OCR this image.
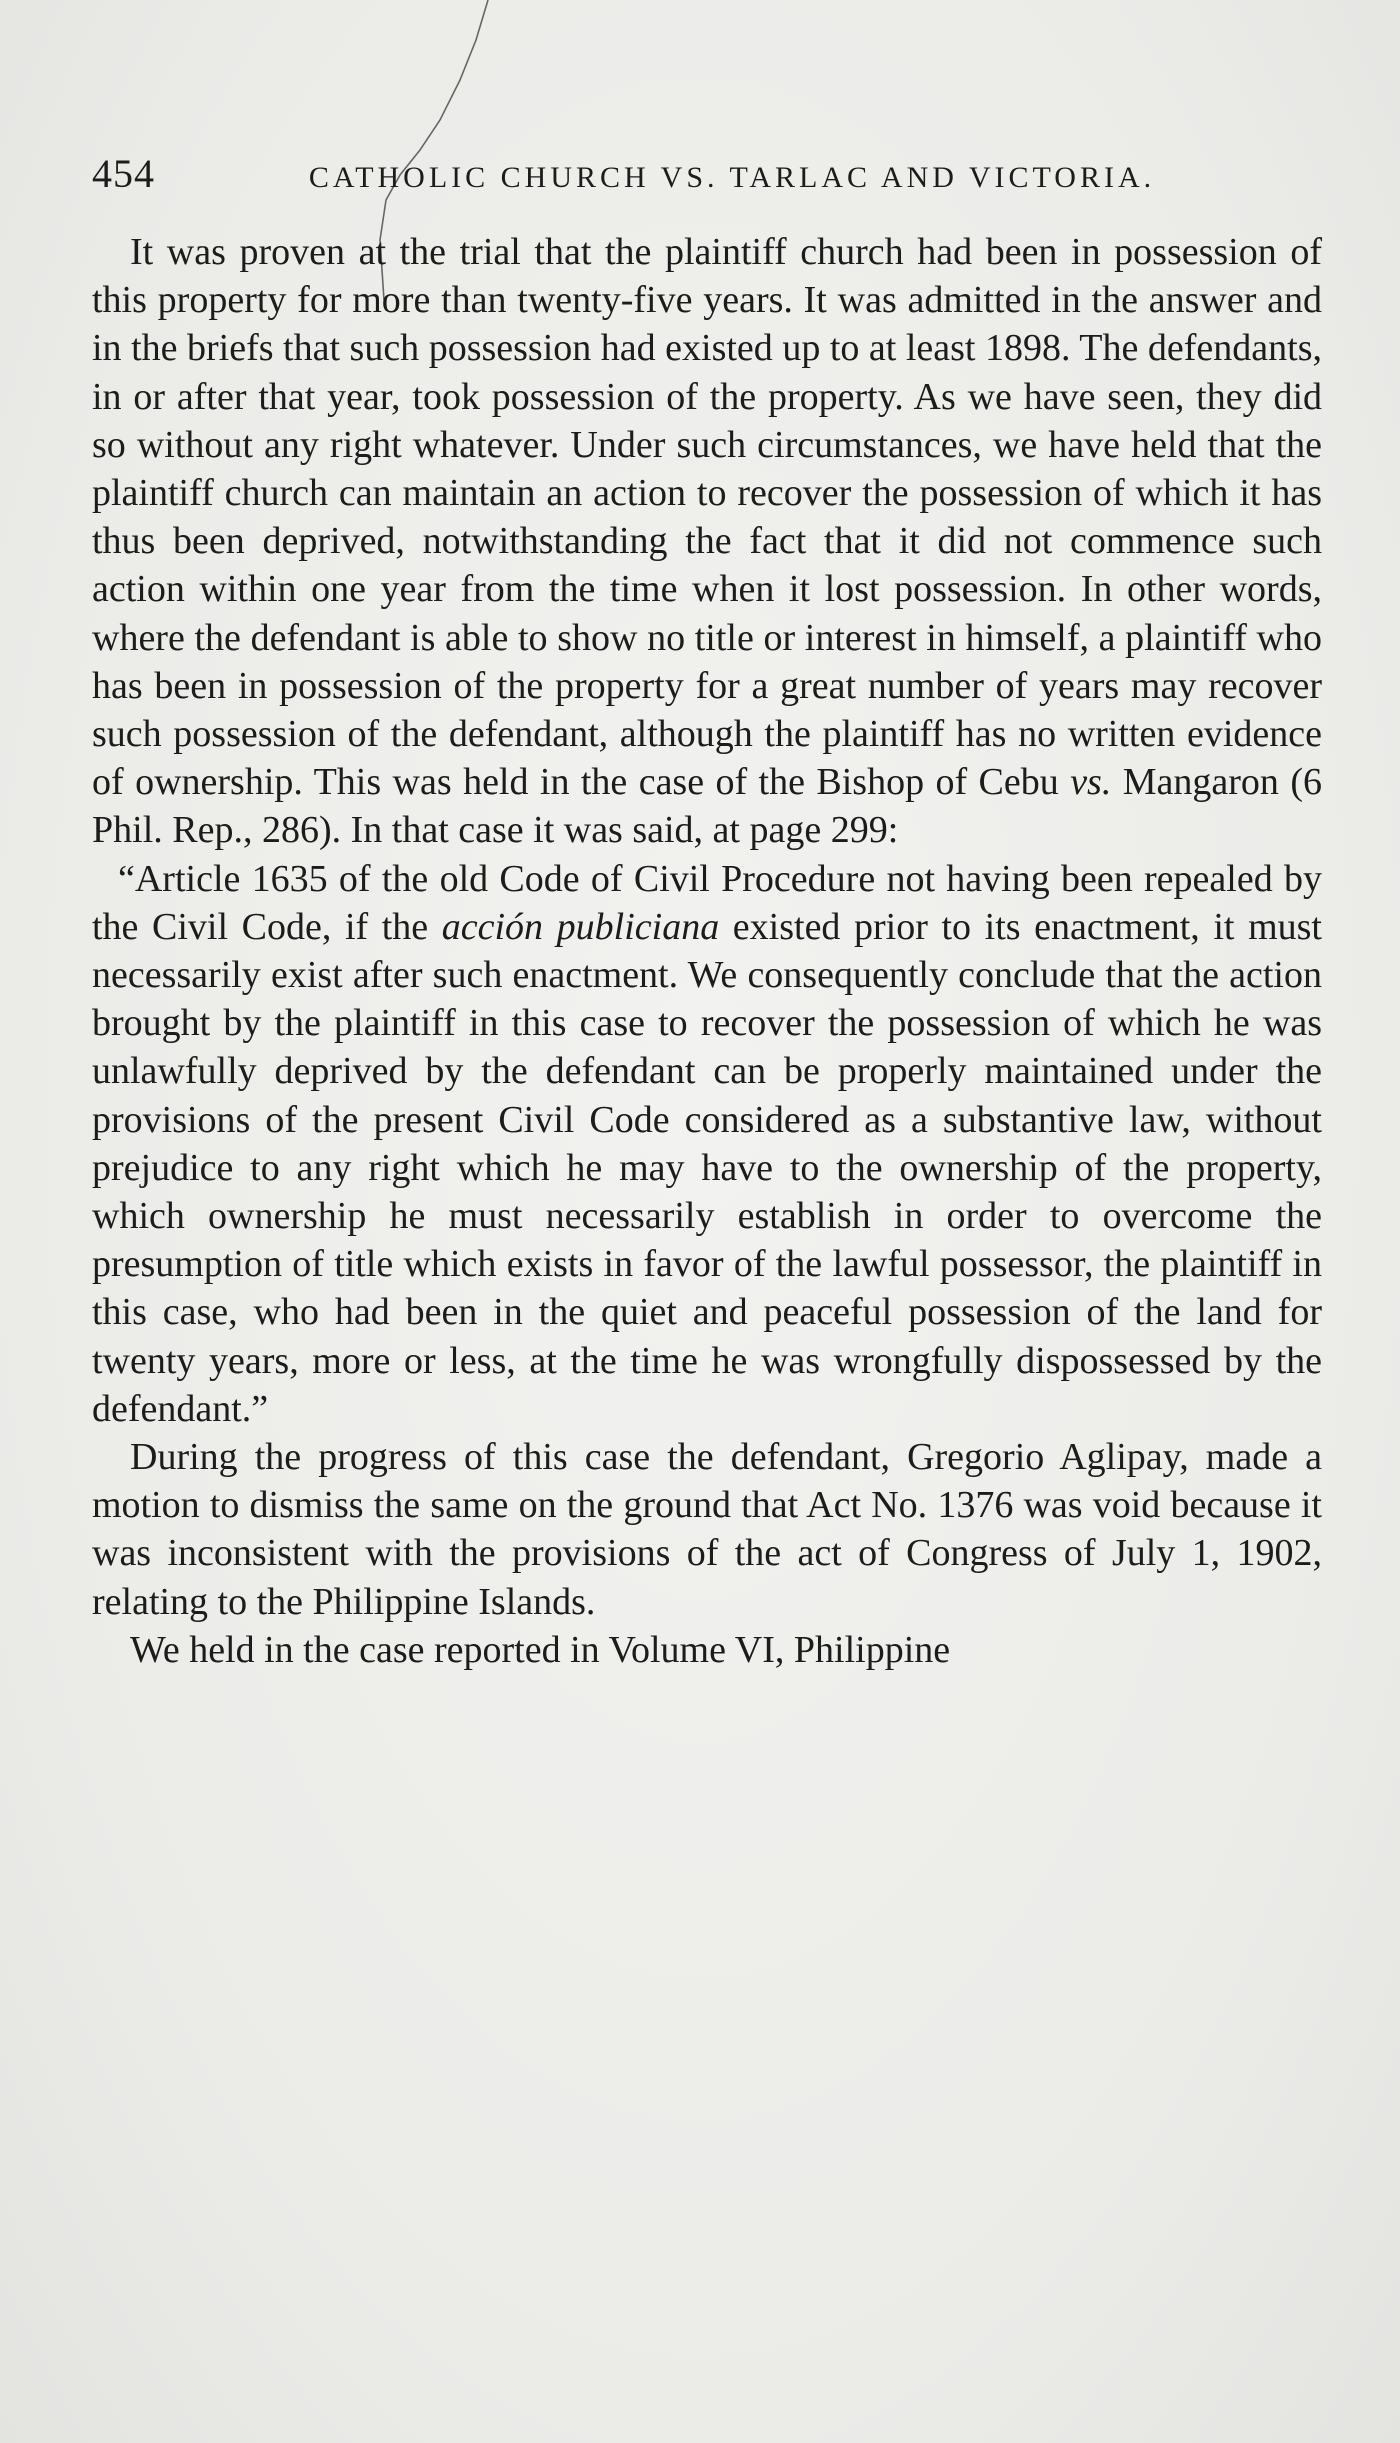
454	CATHOLIC CHURCH VS. TARLAC AND VICTORIA.

It was proven at the trial that the plaintiff church had been in possession of this property for more than twenty-five years. It was admitted in the answer and in the briefs that such possession had existed up to at least 1898. The defendants, in or after that year, took possession of the property. As we have seen, they did so without any right whatever. Under such circumstances, we have held that the plaintiff church can maintain an action to recover the possession of which it has thus been deprived, notwithstanding the fact that it did not commence such action within one year from the time when it lost possession. In other words, where the defendant is able to show no title or interest in himself, a plaintiff who has been in possession of the property for a great number of years may recover such possession of the defendant, although the plaintiff has no written evidence of ownership. This was held in the case of the Bishop of Cebu vs. Mangaron (6 Phil. Rep., 286). In that case it was said, at page 299:

“Article 1635 of the old Code of Civil Procedure not having been repealed by the Civil Code, if the acción publiciana existed prior to its enactment, it must necessarily exist after such enactment. We consequently conclude that the action brought by the plaintiff in this case to recover the possession of which he was unlawfully deprived by the defendant can be properly maintained under the provisions of the present Civil Code considered as a substantive law, without prejudice to any right which he may have to the ownership of the property, which ownership he must necessarily establish in order to overcome the presumption of title which exists in favor of the lawful possessor, the plaintiff in this case, who had been in the quiet and peaceful possession of the land for twenty years, more or less, at the time he was wrongfully dispossessed by the defendant.”

During the progress of this case the defendant, Gregorio Aglipay, made a motion to dismiss the same on the ground that Act No. 1376 was void because it was inconsistent with the provisions of the act of Congress of July 1, 1902, relating to the Philippine Islands.

We held in the case reported in Volume VI, Philippine
